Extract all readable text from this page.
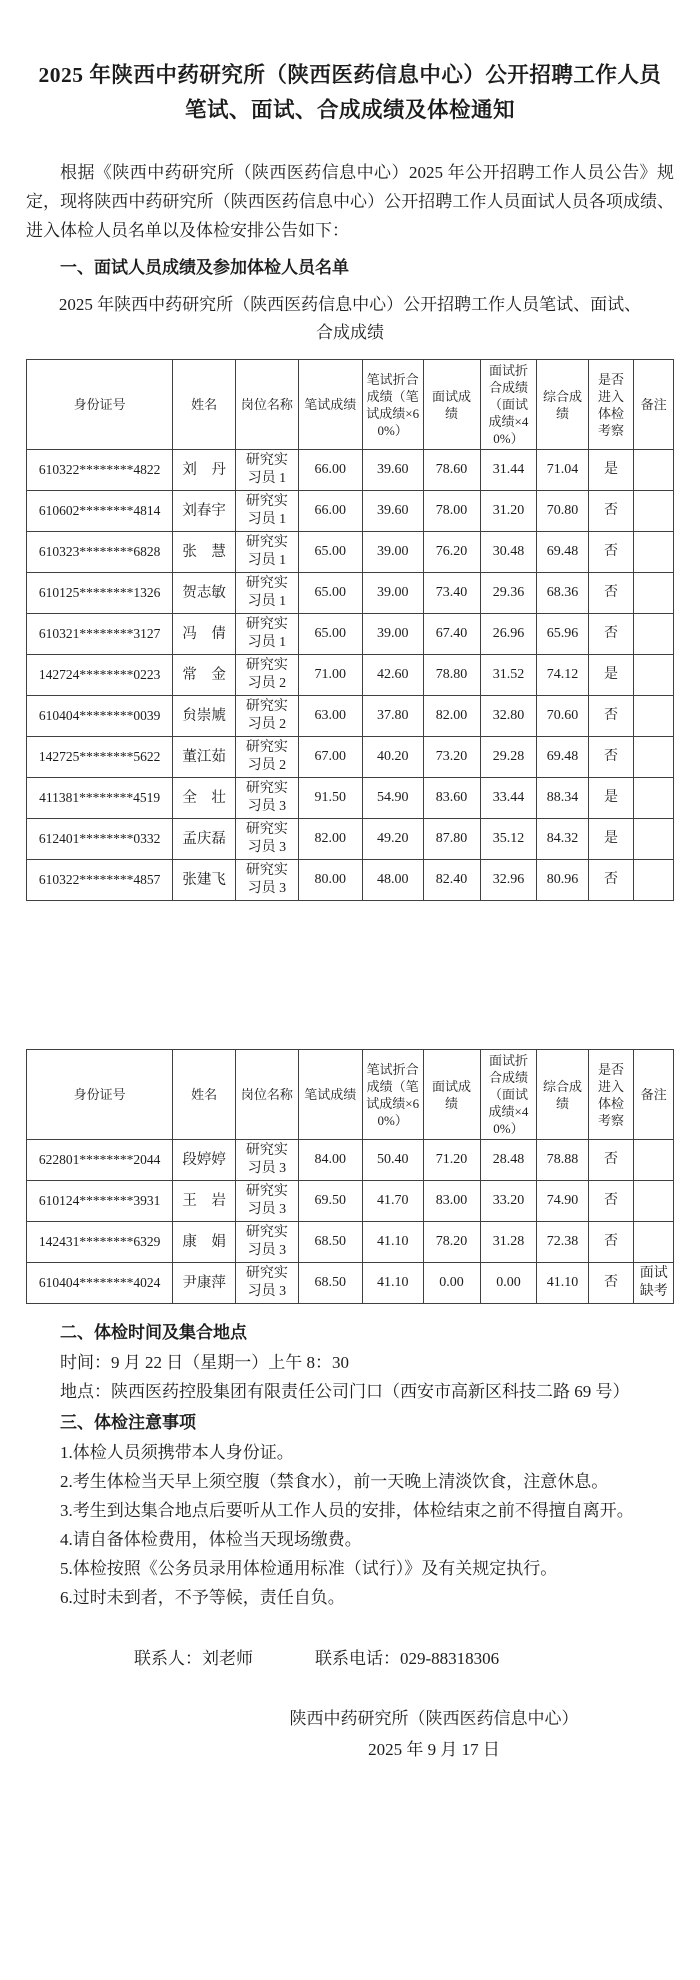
2025 年陕西中药研究所（陕西医药信息中心）公开招聘工作人员笔试、面试、合成成绩及体检通知

根据《陕西中药研究所（陕西医药信息中心）2025 年公开招聘工作人员公告》规定，现将陕西中药研究所（陕西医药信息中心）公开招聘工作人员面试人员各项成绩、进入体检人员名单以及体检安排公告如下：

一、面试人员成绩及参加体检人员名单

2025 年陕西中药研究所（陕西医药信息中心）公开招聘工作人员笔试、面试、合成成绩

身份证号	姓名	岗位名称	笔试成绩	笔试折合成绩（笔试成绩×60%）	面试成绩	面试折合成绩（面试成绩×40%）	综合成绩	是否进入体检考察	备注
610322********4822	刘　丹	研究实习员 1	66.00	39.60	78.60	31.44	71.04	是	
610602********4814	刘春宇	研究实习员 1	66.00	39.60	78.00	31.20	70.80	否	
610323********6828	张　慧	研究实习员 1	65.00	39.00	76.20	30.48	69.48	否	
610125********1326	贺志敏	研究实习员 1	65.00	39.00	73.40	29.36	68.36	否	
610321********3127	冯　倩	研究实习员 1	65.00	39.00	67.40	26.96	65.96	否	
142724********0223	常　金	研究实习员 2	71.00	42.60	78.80	31.52	74.12	是	
610404********0039	贠崇虓	研究实习员 2	63.00	37.80	82.00	32.80	70.60	否	
142725********5622	董江茹	研究实习员 2	67.00	40.20	73.20	29.28	69.48	否	
411381********4519	全　壮	研究实习员 3	91.50	54.90	83.60	33.44	88.34	是	
612401********0332	孟庆磊	研究实习员 3	82.00	49.20	87.80	35.12	84.32	是	
610322********4857	张建飞	研究实习员 3	80.00	48.00	82.40	32.96	80.96	否	
身份证号	姓名	岗位名称	笔试成绩	笔试折合成绩（笔试成绩×60%）	面试成绩	面试折合成绩（面试成绩×40%）	综合成绩	是否进入体检考察	备注
622801********2044	段婷婷	研究实习员 3	84.00	50.40	71.20	28.48	78.88	否	
610124********3931	王　岩	研究实习员 3	69.50	41.70	83.00	33.20	74.90	否	
142431********6329	康　娟	研究实习员 3	68.50	41.10	78.20	31.28	72.38	否	
610404********4024	尹康萍	研究实习员 3	68.50	41.10	0.00	0.00	41.10	否	面试缺考
二、体检时间及集合地点

时间：9 月 22 日（星期一）上午 8：30

地点：陕西医药控股集团有限责任公司门口（西安市高新区科技二路 69 号）

三、体检注意事项

1.体检人员须携带本人身份证。

2.考生体检当天早上须空腹（禁食水），前一天晚上清淡饮食，注意休息。

3.考生到达集合地点后要听从工作人员的安排，体检结束之前不得擅自离开。

4.请自备体检费用，体检当天现场缴费。

5.体检按照《公务员录用体检通用标准（试行）》及有关规定执行。

6.过时未到者，不予等候，责任自负。

联系人：刘老师	联系电话：029-88318306

陕西中药研究所（陕西医药信息中心）

2025 年 9 月 17 日
